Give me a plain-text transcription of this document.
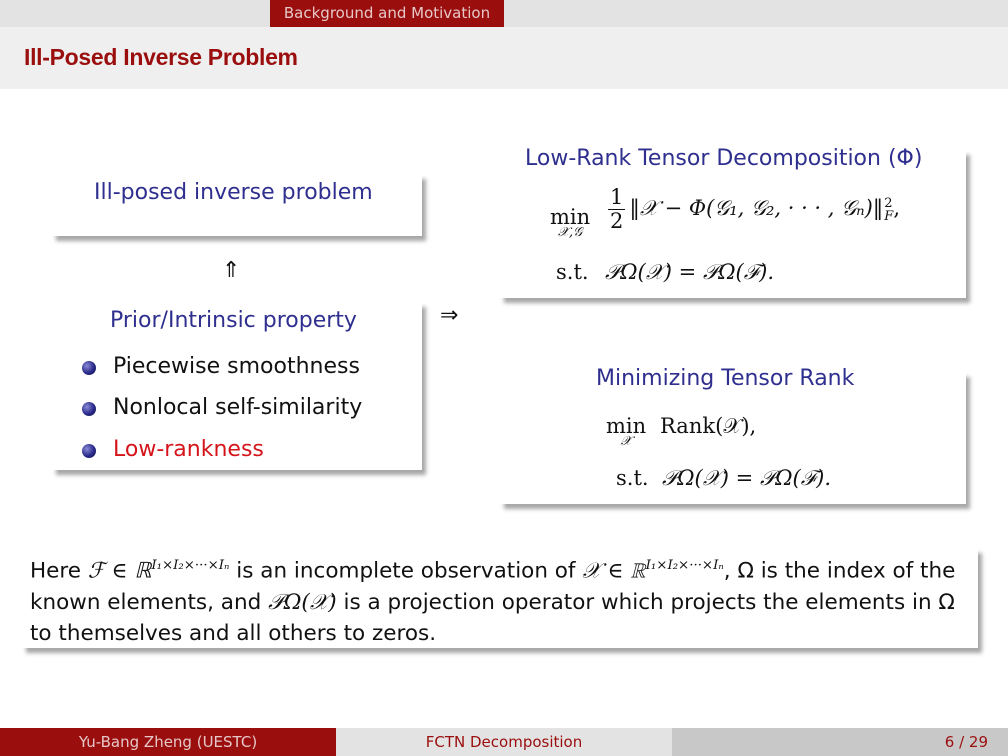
Background and Motivation
Ill-Posed Inverse Problem
Ill-posed inverse problem
⇑
Prior/Intrinsic property
Piecewise smoothness
Nonlocal self-similarity
Low-rankness
⇒
Low-Rank Tensor Decomposition (Φ)
min
𝒳,𝒢	$\frac{1}{2}$ ‖𝒳 − Φ(𝒢₁, 𝒢₂, · · · , 𝒢ₙ)‖ 2
F ,
s.t. 𝒫Ω(𝒳) = 𝒫Ω(ℱ).
Minimizing Tensor Rank
min
𝒳
Rank(𝒳),
s.t. 𝒫Ω(𝒳) = 𝒫Ω(ℱ).
Here ℱ ∈ ℝ$^{I_1\times I_2\times\cdot\cdot\cdot\times I_n}$ is an incomplete observation of 𝒳 ∈ ℝ$^{I_1\times I_2\times\cdot\cdot\cdot\times I_n}$, Ω is the index of the known elements, and 𝒫Ω(𝒳) is a projection operator which projects the elements in Ω to themselves and all others to zeros.
Yu-Bang Zheng (UESTC)	FCTN Decomposition	6 / 29
